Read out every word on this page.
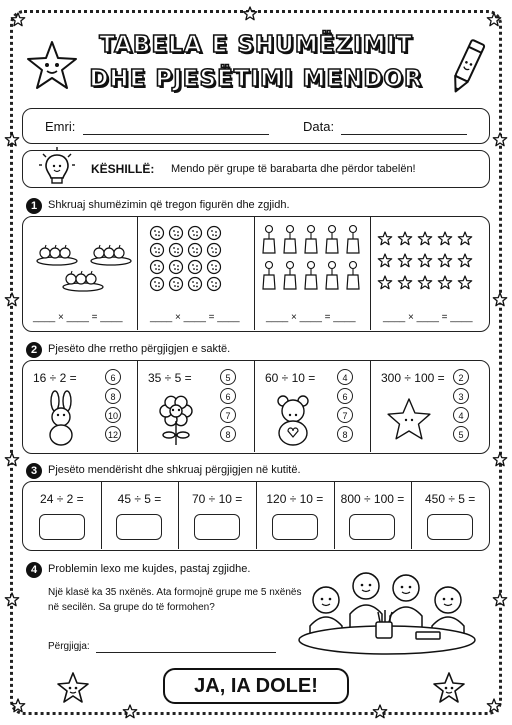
TABELA E SHUMËZIMIT
DHE PJESËTIMI MENDOR
Emri:	Data:
KËSHILLË: Mendo për grupe të barabarta dhe përdor tabelën!
1 Shkruaj shumëzimin që tregon figurën dhe zgjidh.
____ × ____ = ____	____ × ____ = ____	____ × ____ = ____	____ × ____ = ____
2 Pjesëto dhe rretho përgjigjen e saktë.
16 ÷ 2 =	6
8
10
12
35 ÷ 5 =	5
6
7
8
60 ÷ 10 =	4
6
7
8
300 ÷ 100 =	2
3
4
5
3 Pjesëto mendërisht dhe shkruaj përgjigjen në kutitë.
24 ÷ 2 =	45 ÷ 5 =	70 ÷ 10 =	120 ÷ 10 =	800 ÷ 100 =	450 ÷ 5 =
4 Problemin lexo me kujdes, pastaj zgjidhe.
Një klasë ka 35 nxënës. Ata formojnë grupe me 5 nxënës
në secilën. Sa grupe do të formohen?
Përgjigja:
JA, IA DOLE!
